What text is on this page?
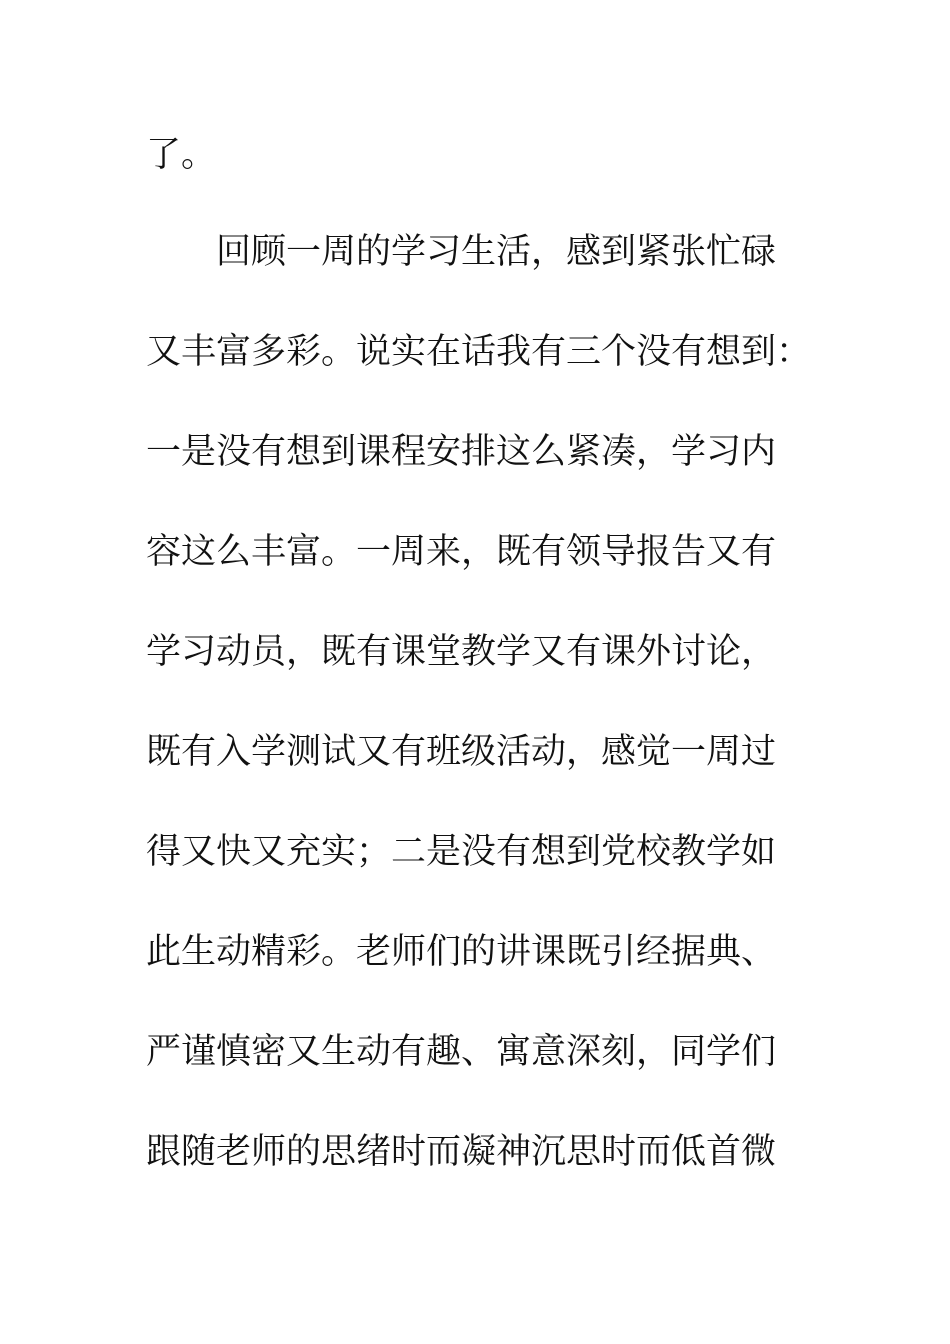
了。
回顾一周的学习生活，感到紧张忙碌
又丰富多彩。说实在话我有三个没有想到：
一是没有想到课程安排这么紧凑，学习内
容这么丰富。一周来，既有领导报告又有
学习动员，既有课堂教学又有课外讨论，
既有入学测试又有班级活动，感觉一周过
得又快又充实；二是没有想到党校教学如
此生动精彩。老师们的讲课既引经据典、
严谨慎密又生动有趣、寓意深刻，同学们
跟随老师的思绪时而凝神沉思时而低首微
